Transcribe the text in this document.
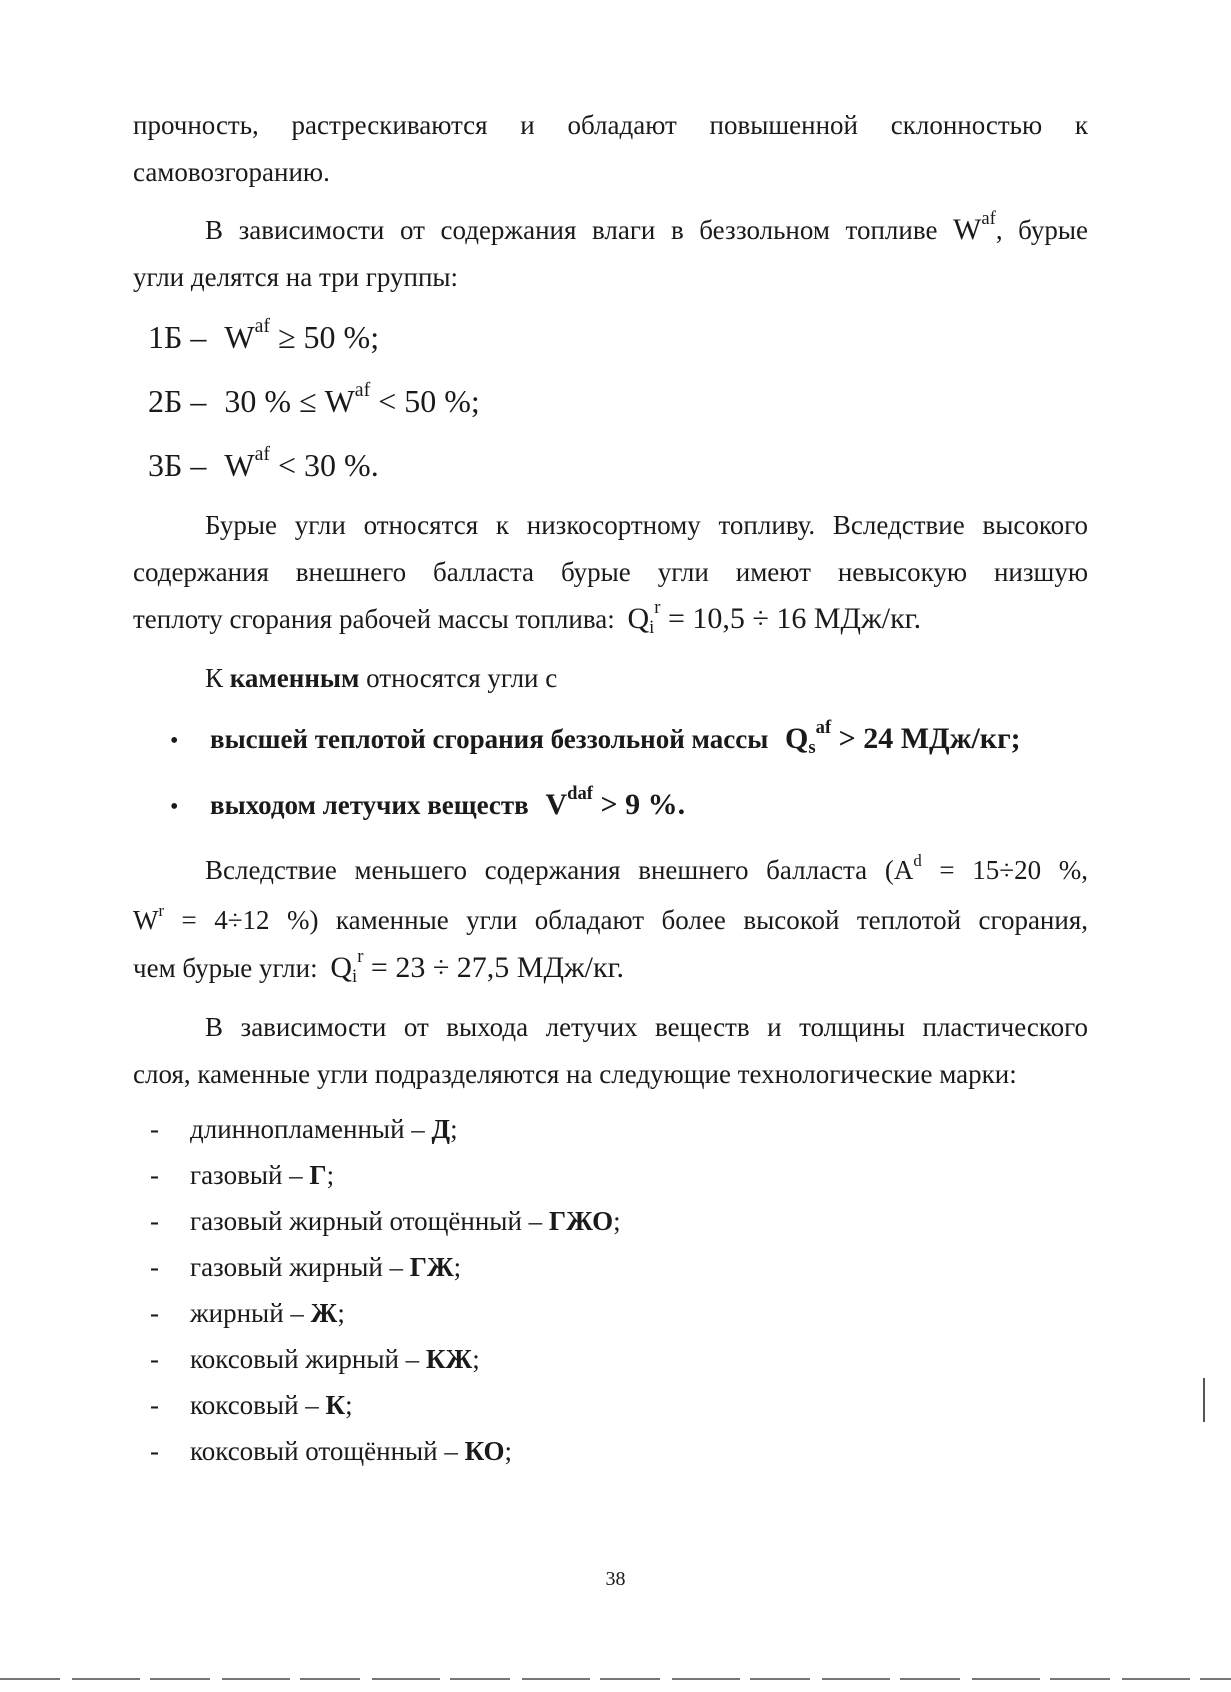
прочность, растрескиваются и обладают повышенной склонностью к
самовозгоранию.
В зависимости от содержания влаги в беззольном топливе $W^{af}$, бурые
угли делятся на три группы:
$1Б - W^{af} \ge 50$ %;
2Б – 30 % ≤ $W^{af} < 50$ %;
$3Б - W^{af} < 30$ %.
Бурые угли относятся к низкосортному топливу. Вследствие высокого
содержания внешнего балласта бурые угли имеют невысокую низшую
теплоту сгорания рабочей массы топлива: $Q_i^r = 10,5 \div 16$ МДж/кг.
К каменным относятся угли с
• высшей теплотой сгорания беззольной массы $Q_s^{af} > 24$ МДж/кг;
• выходом летучих веществ $V^{daf} > 9$ %.
Вследствие меньшего содержания внешнего балласта ($A^d = 15\div 20$ %,
$W^r = 4\div 12$ %) каменные угли обладают более высокой теплотой сгорания,
чем бурые угли: $Q_i^r = 23 \div 27,5$ МДж/кг.
В зависимости от выхода летучих веществ и толщины пластического
слоя, каменные угли подразделяются на следующие технологические марки:
- длиннопламенный – Д;
- газовый – Г;
- газовый жирный отощённый – ГЖО;
- газовый жирный – ГЖ;
- жирный – Ж;
- коксовый жирный – КЖ;
- коксовый – К;
- коксовый отощённый – КО;
38
